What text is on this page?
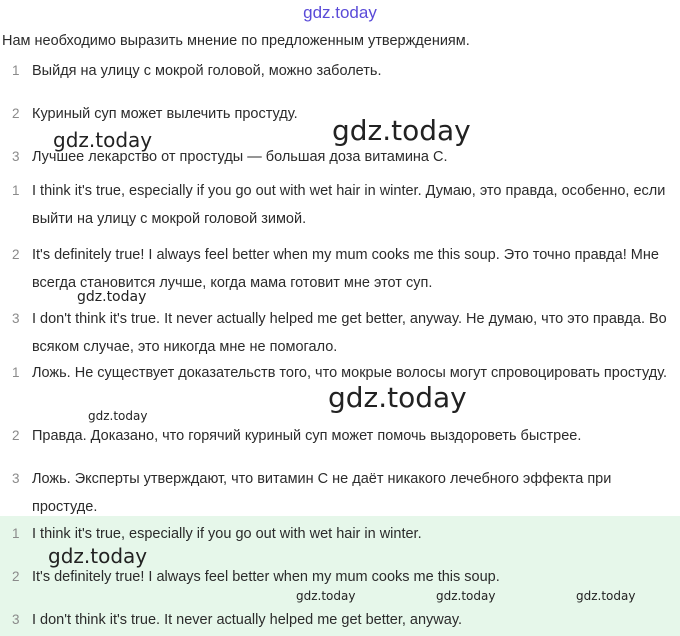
gdz.today
Нам необходимо выразить мнение по предложенным утверждениям.
1 Выйдя на улицу с мокрой головой, можно заболеть.
2 Куриный суп может вылечить простуду.
3 Лучшее лекарство от простуды — большая доза витамина C.
1 I think it's true, especially if you go out with wet hair in winter. Думаю, это правда, особенно, если выйти на улицу с мокрой головой зимой.
2 It's definitely true! I always feel better when my mum cooks me this soup. Это точно правда! Мне всегда становится лучше, когда мама готовит мне этот суп.
3 I don't think it's true. It never actually helped me get better, anyway. Не думаю, что это правда. Во всяком случае, это никогда мне не помогало.
1 Ложь. Не существует доказательств того, что мокрые волосы могут спровоцировать простуду.
2 Правда. Доказано, что горячий куриный суп может помочь выздороветь быстрее.
3 Ложь. Эксперты утверждают, что витамин C не даёт никакого лечебного эффекта при простуде.
1 I think it's true, especially if you go out with wet hair in winter.
2 It's definitely true! I always feel better when my mum cooks me this soup.
3 I don't think it's true. It never actually helped me get better, anyway.
gdz.today	gdz.today
gdz.today
gdz.today
gdz.today
gdz.today
gdz.today	gdz.today	gdz.today
